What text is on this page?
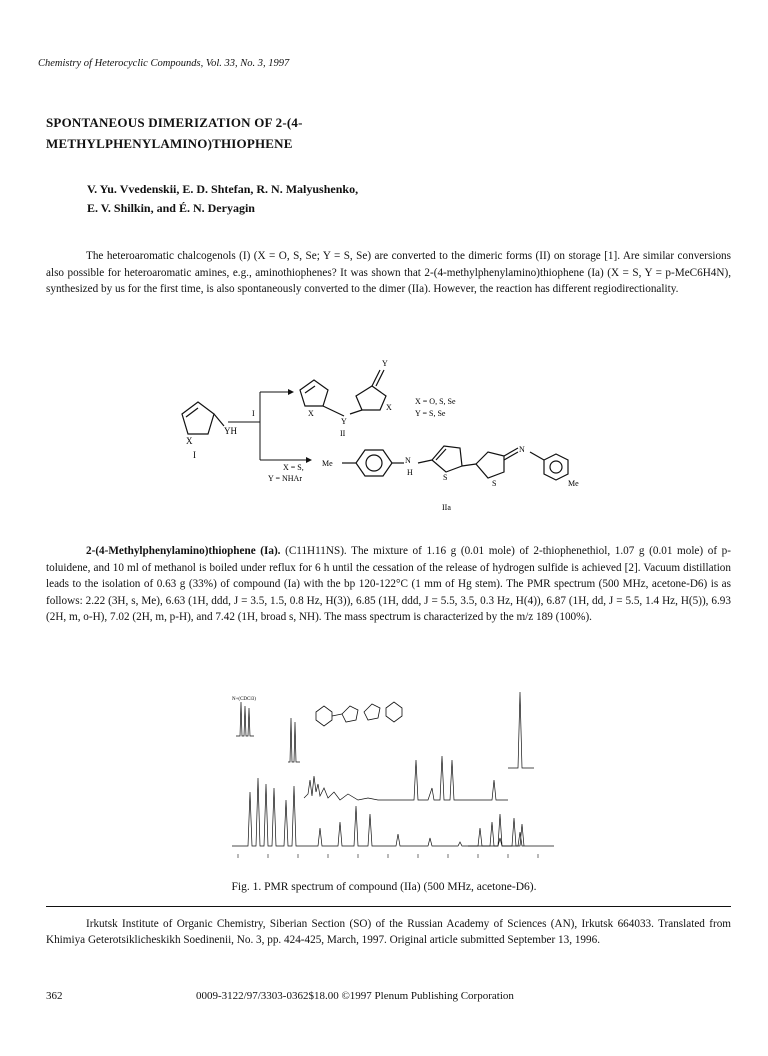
Chemistry of Heterocyclic Compounds, Vol. 33, No. 3, 1997
SPONTANEOUS DIMERIZATION OF 2-(4-
METHYLPHENYLAMINO)THIOPHENE
V. Yu. Vvedenskii, E. D. Shtefan, R. N. Malyushenko,
E. V. Shilkin, and É. N. Deryagin
The heteroaromatic chalcogenols (I) (X = O, S, Se; Y = S, Se) are converted to the dimeric forms (II) on storage [1]. Are similar conversions also possible for heteroaromatic amines, e.g., aminothiophenes? It was shown that 2-(4-methylphenylamino)thiophene (Ia) (X = S, Y = p-MeC6H4N), synthesized by us for the first time, is also spontaneously converted to the dimer (IIa). However, the reaction has different regiodirectionality.
X
YH
I
I
X = S,
Y = NHAr
X
Y
X
Y
II
X = O, S, Se
Y = S, Se
Me	N
H
S
S
N
Me
IIa
2-(4-Methylphenylamino)thiophene (Ia). (C11H11NS). The mixture of 1.16 g (0.01 mole) of 2-thiophenethiol, 1.07 g (0.01 mole) of p-toluidene, and 10 ml of methanol is boiled under reflux for 6 h until the cessation of the release of hydrogen sulfide is achieved [2]. Vacuum distillation leads to the isolation of 0.63 g (33%) of compound (Ia) with the bp 120-122°C (1 mm of Hg stem). The PMR spectrum (500 MHz, acetone-D6) is as follows: 2.22 (3H, s, Me), 6.63 (1H, ddd, J = 3.5, 1.5, 0.8 Hz, H(3)), 6.85 (1H, ddd, J = 5.5, 3.5, 0.3 Hz, H(4)), 6.87 (1H, dd, J = 5.5, 1.4 Hz, H(5)), 6.93 (2H, m, o-H), 7.02 (2H, m, p-H), and 7.42 (1H, broad s, NH). The mass spectrum is characterized by the m/z 189 (100%).
N+(CDCl3)
Fig. 1. PMR spectrum of compound (IIa) (500 MHz, acetone-D6).
Irkutsk Institute of Organic Chemistry, Siberian Section (SO) of the Russian Academy of Sciences (AN), Irkutsk 664033. Translated from Khimiya Geterotsiklicheskikh Soedinenii, No. 3, pp. 424-425, March, 1997. Original article submitted September 13, 1996.
362	0009-3122/97/3303-0362$18.00 ©1997 Plenum Publishing Corporation
